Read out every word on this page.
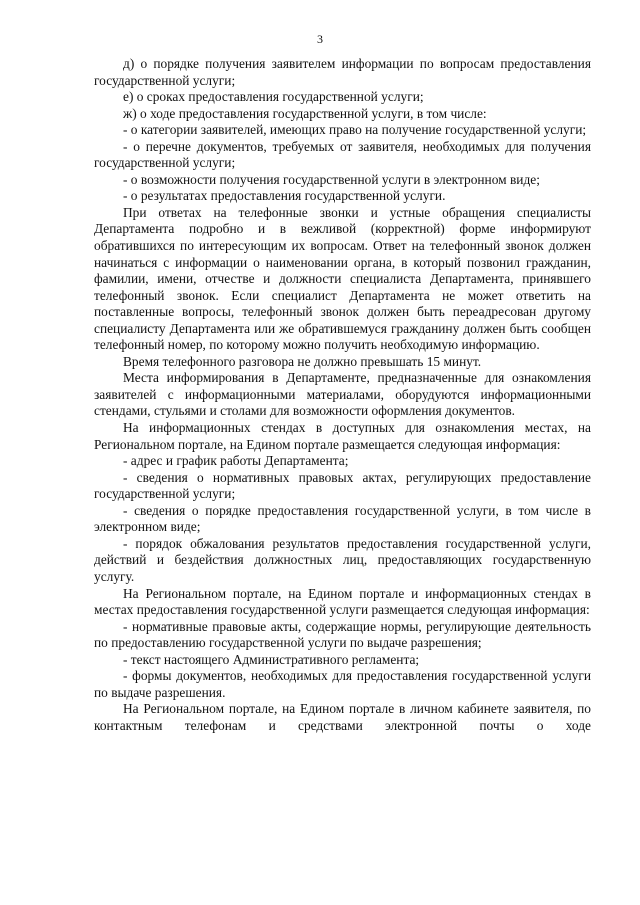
3

д) о порядке получения заявителем информации по вопросам предоставления государственной услуги;

е) о сроках предоставления государственной услуги;

ж) о ходе предоставления государственной услуги, в том числе:

- о категории заявителей, имеющих право на получение государственной услуги;

- о перечне документов, требуемых от заявителя, необходимых для получения государственной услуги;

- о возможности получения государственной услуги в электронном виде;

- о результатах предоставления государственной услуги.

При ответах на телефонные звонки и устные обращения специалисты Департамента подробно и в вежливой (корректной) форме информируют обратившихся по интересующим их вопросам. Ответ на телефонный звонок должен начинаться с информации о наименовании органа, в который позвонил гражданин, фамилии, имени, отчестве и должности специалиста Департамента, принявшего телефонный звонок. Если специалист Департамента не может ответить на поставленные вопросы, телефонный звонок должен быть переадресован другому специалисту Департамента или же обратившемуся гражданину должен быть сообщен телефонный номер, по которому можно получить необходимую информацию.

Время телефонного разговора не должно превышать 15 минут.

Места информирования в Департаменте, предназначенные для ознакомления заявителей с информационными материалами, оборудуются информационными стендами, стульями и столами для возможности оформления документов.

На информационных стендах в доступных для ознакомления местах, на Региональном портале, на Едином портале размещается следующая информация:

- адрес и график работы Департамента;

- сведения о нормативных правовых актах, регулирующих предоставление государственной услуги;

- сведения о порядке предоставления государственной услуги, в том числе в электронном виде;

- порядок обжалования результатов предоставления государственной услуги, действий и бездействия должностных лиц, предоставляющих государственную услугу.

На Региональном портале, на Едином портале и информационных стендах в местах предоставления государственной услуги размещается следующая информация:

- нормативные правовые акты, содержащие нормы, регулирующие деятельность по предоставлению государственной услуги по выдаче разрешения;

- текст настоящего Административного регламента;

- формы документов, необходимых для предоставления государственной услуги по выдаче разрешения.

На Региональном портале, на Едином портале в личном кабинете заявителя, по контактным телефонам и средствами электронной почты о ходе
